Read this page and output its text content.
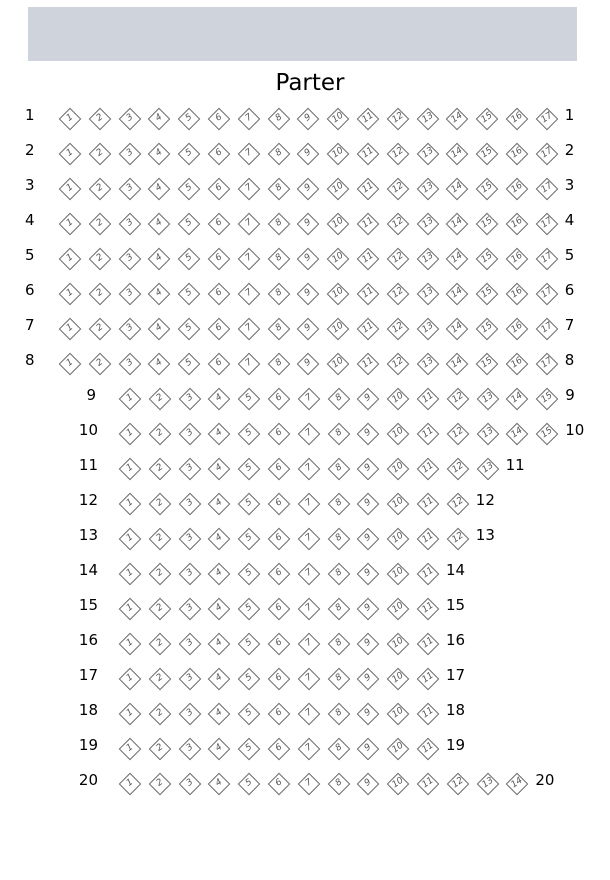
Parter
1	1	2	3	4	5	6	7	8	9	10	11	12	13	14	15	16	17 1
2	1	2	3	4	5	6	7	8	9	10	11	12	13	14	15	16	17 2
3	1	2	3	4	5	6	7	8	9	10	11	12	13	14	15	16	17 3
4	1	2	3	4	5	6	7	8	9	10	11	12	13	14	15	16	17 4
5	1	2	3	4	5	6	7	8	9	10	11	12	13	14	15	16	17 5
6	1	2	3	4	5	6	7	8	9	10	11	12	13	14	15	16	17 6
7	1	2	3	4	5	6	7	8	9	10	11	12	13	14	15	16	17 7
8	1	2	3	4	5	6	7	8	9	10	11	12	13	14	15	16	17 8
9	1	2	3	4	5	6	7	8	9	10	11	12	13	14	15 9
10	1	2	3	4	5	6	7	8	9	10	11	12	13	14	15 10
11	1	2	3	4	5	6	7	8	9	10	11	12	13 11
12	1	2	3	4	5	6	7	8	9	10	11	12 12
13	1	2	3	4	5	6	7	8	9	10	11	12 13
14	1	2	3	4	5	6	7	8	9	10	11 14
15	1	2	3	4	5	6	7	8	9	10	11 15
16	1	2	3	4	5	6	7	8	9	10	11 16
17	1	2	3	4	5	6	7	8	9	10	11 17
18	1	2	3	4	5	6	7	8	9	10	11 18
19	1	2	3	4	5	6	7	8	9	10	11 19
20	1	2	3	4	5	6	7	8	9	10	11	12	13	14 20
